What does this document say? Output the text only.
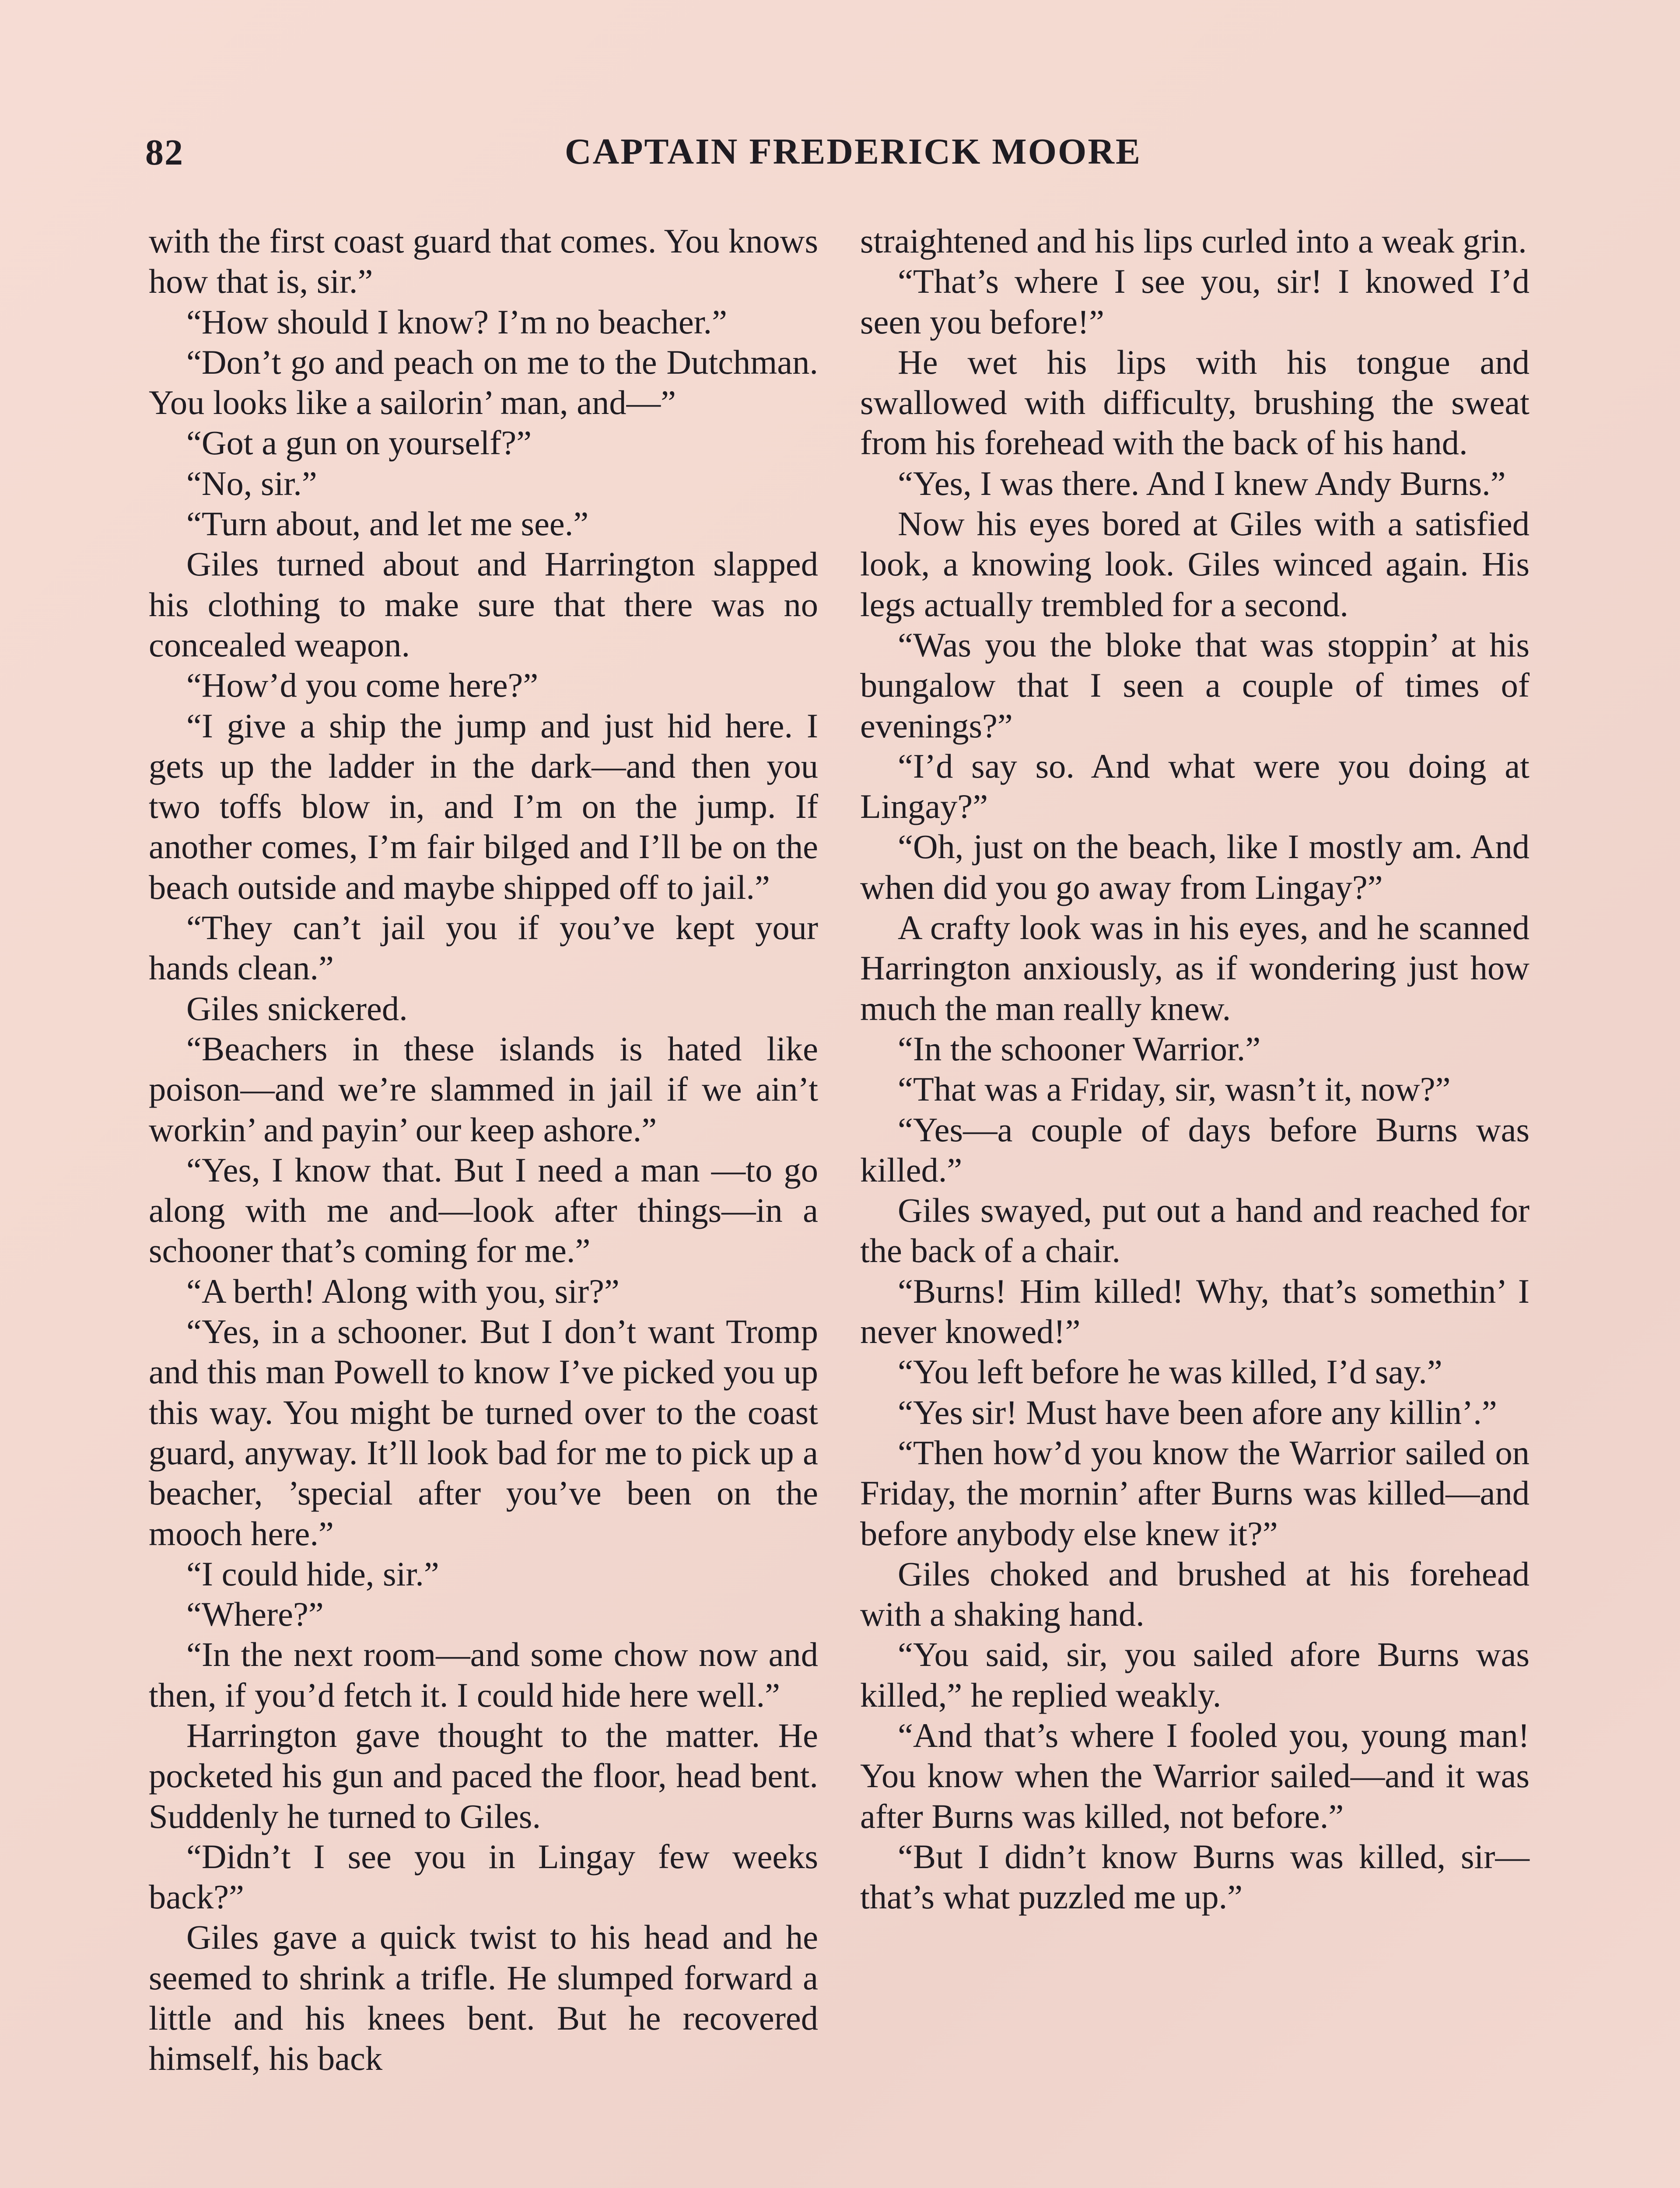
82	CAPTAIN FREDERICK MOORE

with the first coast guard that comes. You knows how that is, sir.”

“How should I know? I’m no beacher.”

“Don’t go and peach on me to the Dutchman. You looks like a sailorin’ man, and—”

“Got a gun on yourself?”

“No, sir.”

“Turn about, and let me see.”

Giles turned about and Harrington slapped his clothing to make sure that there was no concealed weapon.

“How’d you come here?”

“I give a ship the jump and just hid here. I gets up the ladder in the dark—and then you two toffs blow in, and I’m on the jump. If another comes, I’m fair bilged and I’ll be on the beach outside and maybe shipped off to jail.”

“They can’t jail you if you’ve kept your hands clean.”

Giles snickered.

“Beachers in these islands is hated like poison—and we’re slammed in jail if we ain’t workin’ and payin’ our keep ashore.”

“Yes, I know that. But I need a man —to go along with me and—look after things—in a schooner that’s coming for me.”

“A berth! Along with you, sir?”

“Yes, in a schooner. But I don’t want Tromp and this man Powell to know I’ve picked you up this way. You might be turned over to the coast guard, anyway. It’ll look bad for me to pick up a beacher, ’special after you’ve been on the mooch here.”

“I could hide, sir.”

“Where?”

“In the next room—and some chow now and then, if you’d fetch it. I could hide here well.”

Harrington gave thought to the matter. He pocketed his gun and paced the floor, head bent. Suddenly he turned to Giles.

“Didn’t I see you in Lingay few weeks back?”

Giles gave a quick twist to his head and he seemed to shrink a trifle. He slumped forward a little and his knees bent. But he recovered himself, his back

straightened and his lips curled into a weak grin.

“That’s where I see you, sir! I knowed I’d seen you before!”

He wet his lips with his tongue and swallowed with difficulty, brushing the sweat from his forehead with the back of his hand.

“Yes, I was there. And I knew Andy Burns.”

Now his eyes bored at Giles with a satisfied look, a knowing look. Giles winced again. His legs actually trembled for a second.

“Was you the bloke that was stoppin’ at his bungalow that I seen a couple of times of evenings?”

“I’d say so. And what were you doing at Lingay?”

“Oh, just on the beach, like I mostly am. And when did you go away from Lingay?”

A crafty look was in his eyes, and he scanned Harrington anxiously, as if wondering just how much the man really knew.

“In the schooner Warrior.”

“That was a Friday, sir, wasn’t it, now?”

“Yes—a couple of days before Burns was killed.”

Giles swayed, put out a hand and reached for the back of a chair.

“Burns! Him killed! Why, that’s somethin’ I never knowed!”

“You left before he was killed, I’d say.”

“Yes sir! Must have been afore any killin’.”

“Then how’d you know the Warrior sailed on Friday, the mornin’ after Burns was killed—and before anybody else knew it?”

Giles choked and brushed at his forehead with a shaking hand.

“You said, sir, you sailed afore Burns was killed,” he replied weakly.

“And that’s where I fooled you, young man! You know when the Warrior sailed—and it was after Burns was killed, not before.”

“But I didn’t know Burns was killed, sir—that’s what puzzled me up.”
